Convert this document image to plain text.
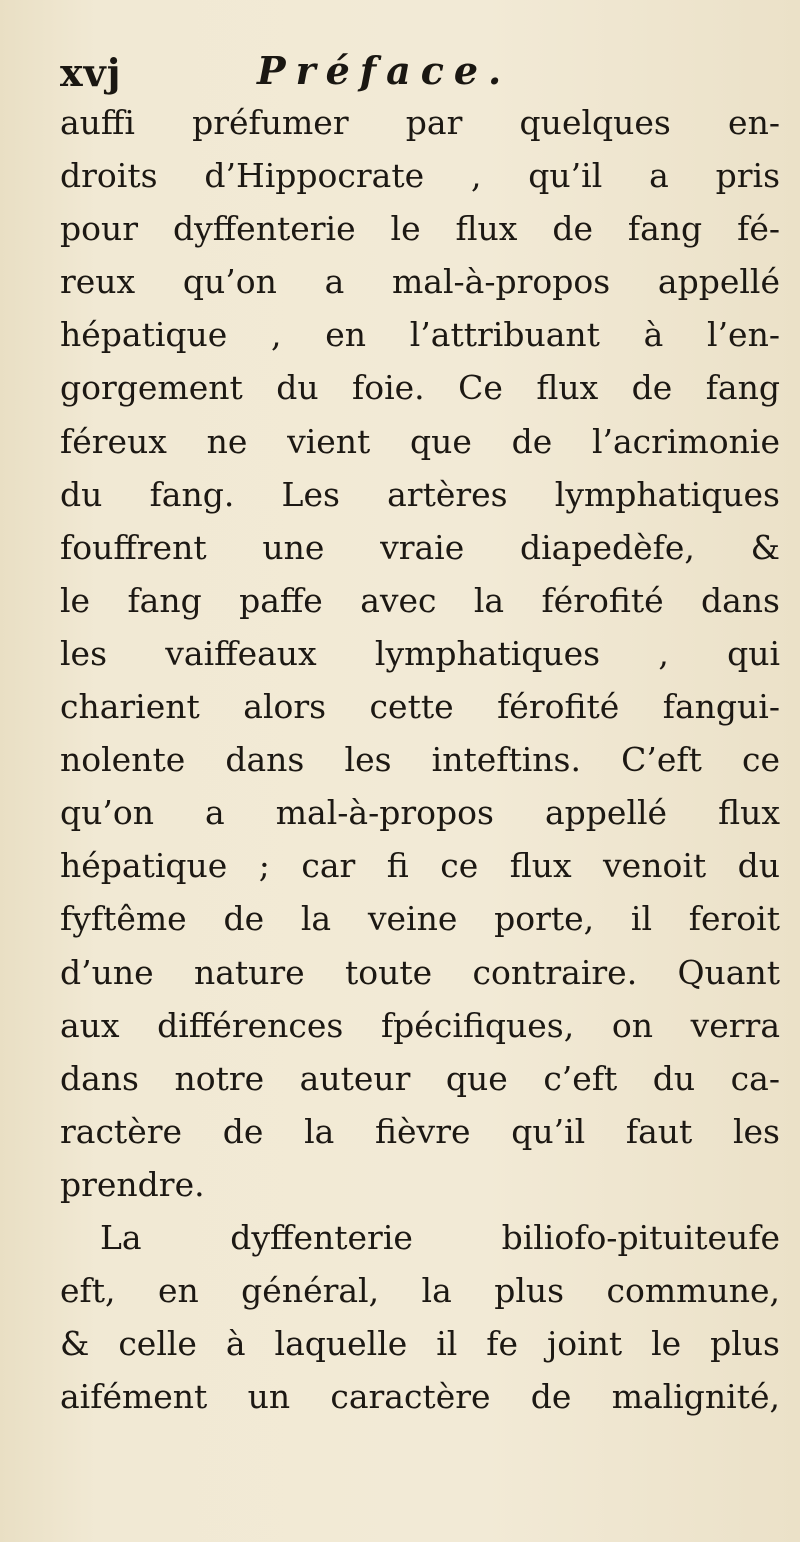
xvj	Préface.
auffi préfumer par quelques en-
droits d’Hippocrate , qu’il a pris
pour dyffenterie le flux de fang fé-
reux qu’on a mal-à-propos appellé
hépatique , en l’attribuant à l’en-
gorgement du foie. Ce flux de fang
féreux ne vient que de l’acrimonie
du fang. Les artères lymphatiques
fouffrent une vraie diapedèfe, &
le fang paffe avec la férofité dans
les vaiffeaux lymphatiques , qui
charient alors cette férofité fangui-
nolente dans les inteftins. C’eft ce
qu’on a mal-à-propos appellé flux
hépatique ; car fi ce flux venoit du
fyftême de la veine porte, il feroit
d’une nature toute contraire. Quant
aux différences fpécifiques, on verra
dans notre auteur que c’eft du ca-
ractère de la fièvre qu’il faut les
prendre.
La dyffenterie biliofo-pituiteufe
eft, en général, la plus commune,
& celle à laquelle il fe joint le plus
aifément un caractère de malignité,
